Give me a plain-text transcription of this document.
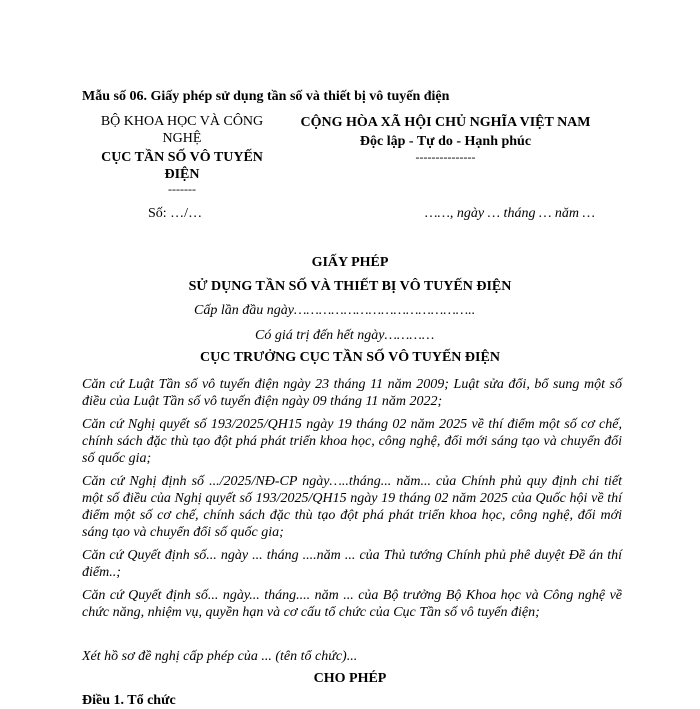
Mẫu số 06. Giấy phép sử dụng tần số và thiết bị vô tuyến điện
BỘ KHOA HỌC VÀ CÔNG NGHỆ
CỤC TẦN SỐ VÔ TUYẾN ĐIỆN
-------
CỘNG HÒA XÃ HỘI CHỦ NGHĨA VIỆT NAM
Độc lập - Tự do - Hạnh phúc
---------------
Số: …/…	……, ngày … tháng … năm …
GIẤY PHÉP
SỬ DỤNG TẦN SỐ VÀ THIẾT BỊ VÔ TUYẾN ĐIỆN
Cấp lần đầu ngày……………………………………..
Có giá trị đến hết ngày…………
CỤC TRƯỞNG CỤC TẦN SỐ VÔ TUYẾN ĐIỆN
Căn cứ Luật Tần số vô tuyến điện ngày 23 tháng 11 năm 2009; Luật sửa đổi, bổ sung một số điều của Luật Tần số vô tuyến điện ngày 09 tháng 11 năm 2022;
Căn cứ Nghị quyết số 193/2025/QH15 ngày 19 tháng 02 năm 2025 về thí điểm một số cơ chế, chính sách đặc thù tạo đột phá phát triển khoa học, công nghệ, đổi mới sáng tạo và chuyển đổi số quốc gia;
Căn cứ Nghị định số .../2025/NĐ-CP ngày…..tháng... năm... của Chính phủ quy định chi tiết một số điều của Nghị quyết số 193/2025/QH15 ngày 19 tháng 02 năm 2025 của Quốc hội về thí điểm một số cơ chế, chính sách đặc thù tạo đột phá phát triển khoa học, công nghệ, đổi mới sáng tạo và chuyển đổi số quốc gia;
Căn cứ Quyết định số... ngày ... tháng ....năm ... của Thủ tướng Chính phủ phê duyệt Đề án thí điểm..;
Căn cứ Quyết định số... ngày... tháng.... năm ... của Bộ trưởng Bộ Khoa học và Công nghệ về chức năng, nhiệm vụ, quyền hạn và cơ cấu tổ chức của Cục Tần số vô tuyến điện;
Xét hồ sơ đề nghị cấp phép của ... (tên tổ chức)...
CHO PHÉP
Điều 1. Tổ chức
